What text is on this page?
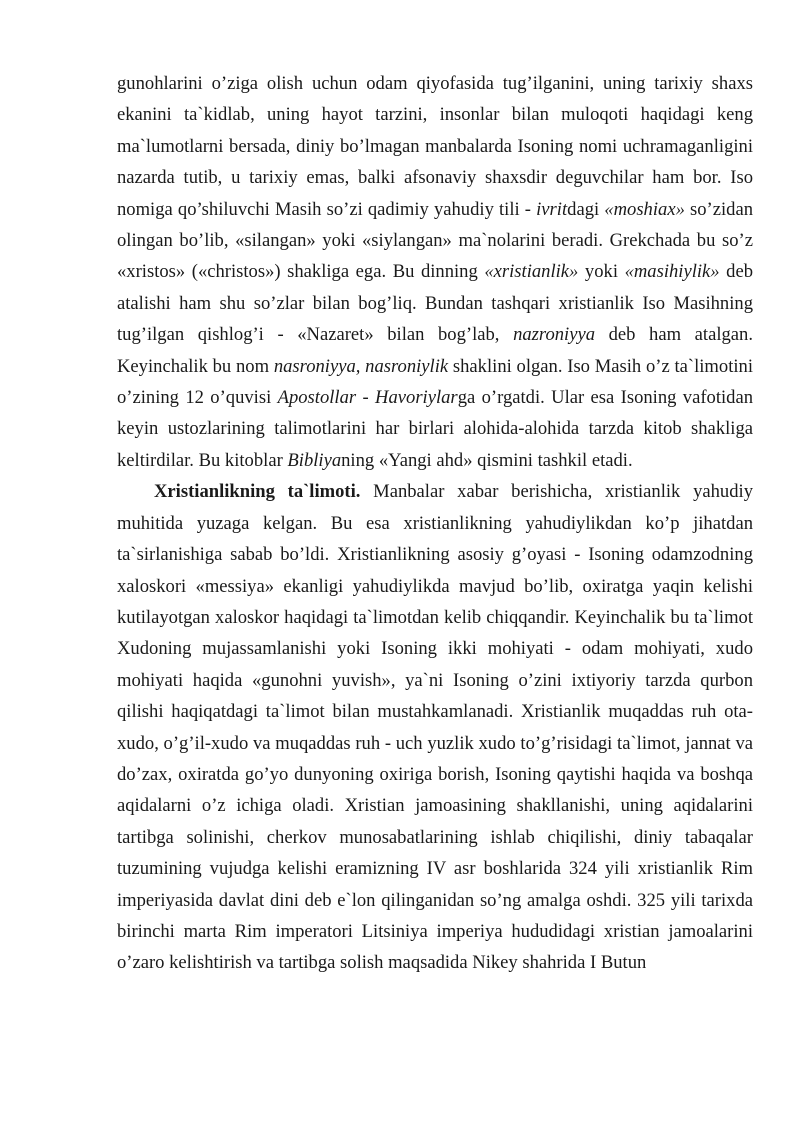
gunohlarini o’ziga olish uchun odam qiyofasida tug’ilganini, uning tarixiy shaxs ekanini ta`kidlab, uning hayot tarzini, insonlar bilan muloqoti haqidagi keng ma`lumotlarni bersada, diniy bo’lmagan manbalarda Isoning nomi uchramaganligini nazarda tutib, u tarixiy emas, balki afsonaviy shaxsdir deguvchilar ham bor. Iso nomiga qo’shiluvchi Masih so’zi qadimiy yahudiy tili - ivritdagi «moshiax» so’zidan olingan bo’lib, «silangan» yoki «siylangan» ma`nolarini beradi. Grekchada bu so’z «xristos» («christos») shakliga ega. Bu dinning «xristianlik» yoki «masihiylik» deb atalishi ham shu so’zlar bilan bog’liq. Bundan tashqari xristianlik Iso Masihning tug’ilgan qishlog’i - «Nazaret» bilan bog’lab, nazroniyya deb ham atalgan. Keyinchalik bu nom nasroniyya, nasroniylik shaklini olgan. Iso Masih o’z ta`limotini o’zining 12 o’quvisi Apostollar - Havoriylarga o’rgatdi. Ular esa Isoning vafotidan keyin ustozlarining talimotlarini har birlari alohida-alohida tarzda kitob shakliga keltirdilar. Bu kitoblar Bibliyaning «Yangi ahd» qismini tashkil etadi.

Xristianlikning ta`limoti. Manbalar xabar berishicha, xristianlik yahudiy muhitida yuzaga kelgan. Bu esa xristianlikning yahudiylikdan ko’p jihatdan ta`sirlanishiga sabab bo’ldi. Xristianlikning asosiy g’oyasi - Isoning odamzodning xaloskori «messiya» ekanligi yahudiylikda mavjud bo’lib, oxiratga yaqin kelishi kutilayotgan xaloskor haqidagi ta`limotdan kelib chiqqandir. Keyinchalik bu ta`limot Xudoning mujassamlanishi yoki Isoning ikki mohiyati - odam mohiyati, xudo mohiyati haqida «gunohni yuvish», ya`ni Isoning o’zini ixtiyoriy tarzda qurbon qilishi haqiqatdagi ta`limot bilan mustahkamlanadi. Xristianlik muqaddas ruh ota-xudo, o’g’il-xudo va muqaddas ruh - uch yuzlik xudo to’g’risidagi ta`limot, jannat va do’zax, oxiratda go’yo dunyoning oxiriga borish, Isoning qaytishi haqida va boshqa aqidalarni o’z ichiga oladi. Xristian jamoasining shakllanishi, uning aqidalarini tartibga solinishi, cherkov munosabatlarining ishlab chiqilishi, diniy tabaqalar tuzumining vujudga kelishi eramizning IV asr boshlarida 324 yili xristianlik Rim imperiyasida davlat dini deb e`lon qilinganidan so’ng amalga oshdi. 325 yili tarixda birinchi marta Rim imperatori Litsiniya imperiya hududidagi xristian jamoalarini o’zaro kelishtirish va tartibga solish maqsadida Nikey shahrida I Butun
